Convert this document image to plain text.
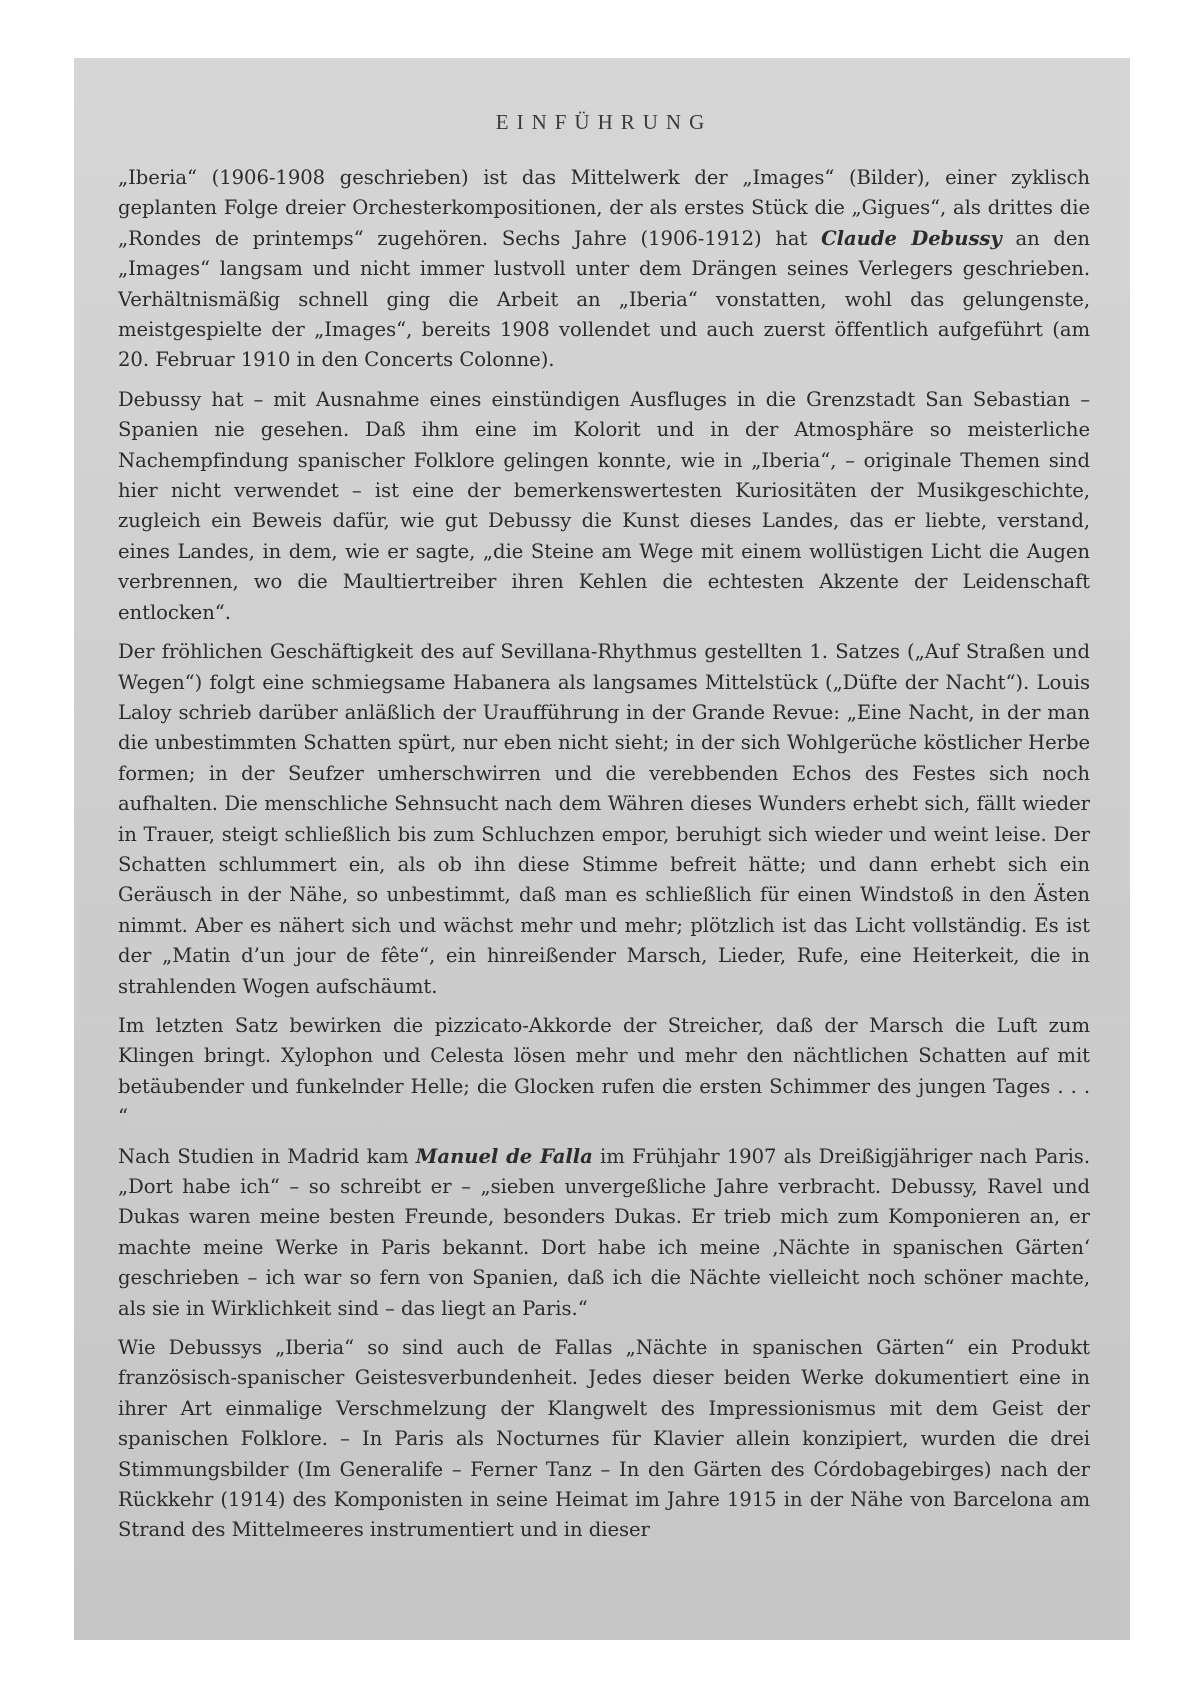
EINFÜHRUNG

„Iberia“ (1906-1908 geschrieben) ist das Mittelwerk der „Images“ (Bilder), einer zyklisch geplanten Folge dreier Orchesterkompositionen, der als erstes Stück die „Gigues“, als drittes die „Rondes de printemps“ zugehören. Sechs Jahre (1906-1912) hat Claude Debussy an den „Images“ langsam und nicht immer lustvoll unter dem Drängen seines Verlegers geschrieben. Verhältnismäßig schnell ging die Arbeit an „Iberia“ vonstatten, wohl das gelungenste, meistgespielte der „Images“, bereits 1908 vollendet und auch zuerst öffentlich aufgeführt (am 20. Februar 1910 in den Concerts Colonne).

Debussy hat – mit Ausnahme eines einstündigen Ausfluges in die Grenzstadt San Sebastian – Spanien nie gesehen. Daß ihm eine im Kolorit und in der Atmosphäre so meisterliche Nachempfindung spanischer Folklore gelingen konnte, wie in „Iberia“, – originale Themen sind hier nicht verwendet – ist eine der bemerkenswertesten Kuriositäten der Musikgeschichte, zugleich ein Beweis dafür, wie gut Debussy die Kunst dieses Landes, das er liebte, verstand, eines Landes, in dem, wie er sagte, „die Steine am Wege mit einem wollüstigen Licht die Augen verbrennen, wo die Maultiertreiber ihren Kehlen die echtesten Akzente der Leidenschaft entlocken“.

Der fröhlichen Geschäftigkeit des auf Sevillana-Rhythmus gestellten 1. Satzes („Auf Straßen und Wegen“) folgt eine schmiegsame Habanera als langsames Mittelstück („Düfte der Nacht“). Louis Laloy schrieb darüber anläßlich der Uraufführung in der Grande Revue: „Eine Nacht, in der man die unbestimmten Schatten spürt, nur eben nicht sieht; in der sich Wohlgerüche köstlicher Herbe formen; in der Seufzer umherschwirren und die verebbenden Echos des Festes sich noch aufhalten. Die menschliche Sehnsucht nach dem Währen dieses Wunders erhebt sich, fällt wieder in Trauer, steigt schließlich bis zum Schluchzen empor, beruhigt sich wieder und weint leise. Der Schatten schlummert ein, als ob ihn diese Stimme befreit hätte; und dann erhebt sich ein Geräusch in der Nähe, so unbestimmt, daß man es schließlich für einen Windstoß in den Ästen nimmt. Aber es nähert sich und wächst mehr und mehr; plötzlich ist das Licht vollständig. Es ist der „Matin d’un jour de fête“, ein hinreißender Marsch, Lieder, Rufe, eine Heiterkeit, die in strahlenden Wogen aufschäumt.

Im letzten Satz bewirken die pizzicato-Akkorde der Streicher, daß der Marsch die Luft zum Klingen bringt. Xylophon und Celesta lösen mehr und mehr den nächtlichen Schatten auf mit betäubender und funkelnder Helle; die Glocken rufen die ersten Schimmer des jungen Tages . . . “

Nach Studien in Madrid kam Manuel de Falla im Frühjahr 1907 als Dreißigjähriger nach Paris. „Dort habe ich“ – so schreibt er – „sieben unvergeßliche Jahre verbracht. Debussy, Ravel und Dukas waren meine besten Freunde, besonders Dukas. Er trieb mich zum Komponieren an, er machte meine Werke in Paris bekannt. Dort habe ich meine ‚Nächte in spanischen Gärten‘ geschrieben – ich war so fern von Spanien, daß ich die Nächte vielleicht noch schöner machte, als sie in Wirklichkeit sind – das liegt an Paris.“

Wie Debussys „Iberia“ so sind auch de Fallas „Nächte in spanischen Gärten“ ein Produkt französisch-spanischer Geistesverbundenheit. Jedes dieser beiden Werke dokumentiert eine in ihrer Art einmalige Verschmelzung der Klangwelt des Impressionismus mit dem Geist der spanischen Folklore. – In Paris als Nocturnes für Klavier allein konzipiert, wurden die drei Stimmungsbilder (Im Generalife – Ferner Tanz – In den Gärten des Córdobagebirges) nach der Rückkehr (1914) des Komponisten in seine Heimat im Jahre 1915 in der Nähe von Barcelona am Strand des Mittelmeeres instrumentiert und in dieser
